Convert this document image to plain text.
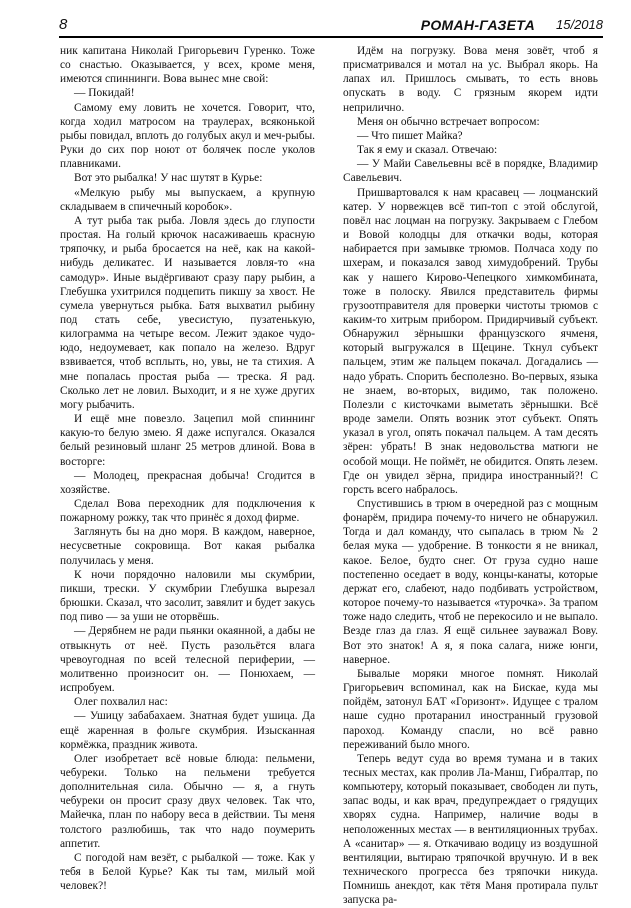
8	РОМАН-ГАЗЕТА 15/2018

ник капитана Николай Григорьевич Гуренко. Тоже со снастью. Оказывается, у всех, кроме меня, имеются спиннинги. Вова вынес мне свой:

— Покидай!

Самому ему ловить не хочется. Говорит, что, когда ходил матросом на траулерах, всяконькой рыбы повидал, вплоть до голубых акул и меч-рыбы. Руки до сих пор ноют от болячек после уколов плавниками.

Вот это рыбалка! У нас шутят в Курье:

«Мелкую рыбу мы выпускаем, а крупную складываем в спичечный коробок».

А тут рыба так рыба. Ловля здесь до глупости простая. На голый крючок насаживаешь красную тряпочку, и рыба бросается на неё, как на какой-нибудь деликатес. И называется ловля-то «на самодур». Иные выдёргивают сразу пару рыбин, а Глебушка ухитрился подцепить пикшу за хвост. Не сумела увернуться рыбка. Батя выхватил рыбину под стать себе, увесистую, пузатенькую, килограмма на четыре весом. Лежит эдакое чудо-юдо, недоумевает, как попало на железо. Вдруг взвивается, чтоб всплыть, но, увы, не та стихия. А мне попалась простая рыба — треска. Я рад. Сколько лет не ловил. Выходит, и я не хуже других могу рыбачить.

И ещё мне повезло. Зацепил мой спиннинг какую-то белую змею. Я даже испугался. Оказался белый резиновый шланг 25 метров длиной. Вова в восторге:

— Молодец, прекрасная добыча! Сгодится в хозяйстве.

Сделал Вова переходник для подключения к пожарному рожку, так что принёс я доход фирме.

Заглянуть бы на дно моря. В каждом, наверное, несусветные сокровища. Вот какая рыбалка получилась у меня.

К ночи порядочно наловили мы скумбрии, пикши, трески. У скумбрии Глебушка вырезал брюшки. Сказал, что засолит, завялит и будет закусь под пиво — за уши не оторвёшь.

— Дерябнем не ради пьянки окаянной, а дабы не отвыкнуть от неё. Пусть разольётся влага чревоугодная по всей телесной периферии, — молитвенно произносит он. — Понюхаем, — испробуем.

Олег похвалил нас:

— Ушицу забабахаем. Знатная будет ушица. Да ещё жаренная в фольге скумбрия. Изысканная кормёжка, праздник живота.

Олег изобретает всё новые блюда: пельмени, чебуреки. Только на пельмени требуется дополнительная сила. Обычно — я, а гнуть чебуреки он просит сразу двух человек. Так что, Майечка, план по набору веса в действии. Ты меня толстого разлюбишь, так что надо поумерить аппетит.

С погодой нам везёт, с рыбалкой — тоже. Как у тебя в Белой Курье? Как ты там, милый мой человек?!

Идём на погрузку. Вова меня зовёт, чтоб я присматривался и мотал на ус. Выбрал якорь. На лапах ил. Пришлось смывать, то есть вновь опускать в воду. С грязным якорем идти неприлично.

Меня он обычно встречает вопросом:

— Что пишет Майка?

Так я ему и сказал. Отвечаю:

— У Майи Савельевны всё в порядке, Владимир Савельевич.

Пришвартовался к нам красавец — лоцманский катер. У норвежцев всё тип-топ с этой обслугой, повёл нас лоцман на погрузку. Закрываем с Глебом и Вовой колодцы для откачки воды, которая набирается при замывке трюмов. Полчаса ходу по шхерам, и показался завод химудобрений. Трубы как у нашего Кирово-Чепецкого химкомбината, тоже в полоску. Явился представитель фирмы грузоотправителя для проверки чистоты трюмов с каким-то хитрым прибором. Придирчивый субъект. Обнаружил зёрнышки французского ячменя, который выгружался в Щецине. Ткнул субъект пальцем, этим же пальцем покачал. Догадались — надо убрать. Спорить бесполезно. Во-первых, языка не знаем, во-вторых, видимо, так положено. Полезли с кисточками выметать зёрнышки. Всё вроде замели. Опять возник этот субъект. Опять указал в угол, опять покачал пальцем. А там десять зёрен: убрать! В знак недовольства матюги не особой мощи. Не поймёт, не обидится. Опять лезем. Где он увидел зёрна, придира иностранный?! С горсть всего набралось.

Спустившись в трюм в очередной раз с мощным фонарём, придира почему-то ничего не обнаружил. Тогда и дал команду, что сыпалась в трюм № 2 белая мука — удобрение. В тонкости я не вникал, какое. Белое, будто снег. От груза судно наше постепенно оседает в воду, концы-канаты, которые держат его, слабеют, надо подбивать устройством, которое почему-то называется «турочка». За трапом тоже надо следить, чтоб не перекосило и не выпало. Везде глаз да глаз. Я ещё сильнее зауважал Вову. Вот это знаток! А я, я пока салага, ниже юнги, наверное.

Бывалые моряки многое помнят. Николай Григорьевич вспоминал, как на Бискае, куда мы пойдём, затонул БАТ «Горизонт». Идущее с тралом наше судно протаранил иностранный грузовой пароход. Команду спасли, но всё равно переживаний было много.

Теперь ведут суда во время тумана и в таких тесных местах, как пролив Ла-Манш, Гибралтар, по компьютеру, который показывает, свободен ли путь, запас воды, и как врач, предупреждает о грядущих хворях судна. Например, наличие воды в неположенных местах — в вентиляционных трубах. А «санитар» — я. Откачиваю водицу из воздушной вентиляции, вытираю тряпочкой вручную. И в век технического прогресса без тряпочки никуда. Помнишь анекдот, как тётя Маня протирала пульт запуска ра-
